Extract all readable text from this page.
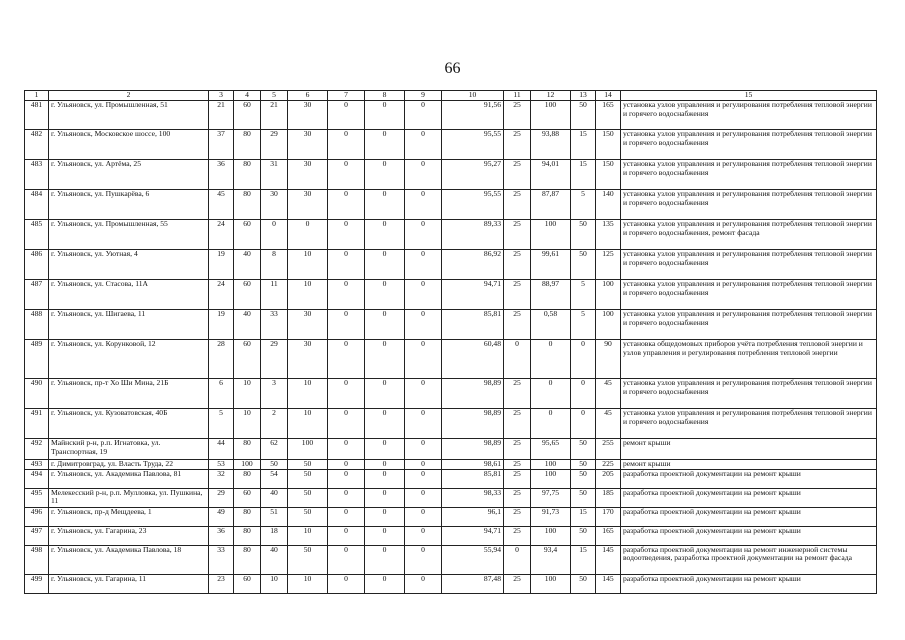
66
1	2	3	4	5	6	7	8	9	10	11	12	13	14	15
481	г. Ульяновск, ул. Промышленная, 51	21	60	21	30	0	0	0	91,56	25	100	50	165	установка узлов управления и регулирования потребления тепловой энергии и горячего водоснабжения
482	г. Ульяновск, Московское шоссе, 100	37	80	29	30	0	0	0	95,55	25	93,88	15	150	установка узлов управления и регулирования потребления тепловой энергии и горячего водоснабжения
483	г. Ульяновск, ул. Артёма, 25	36	80	31	30	0	0	0	95,27	25	94,01	15	150	установка узлов управления и регулирования потребления тепловой энергии и горячего водоснабжения
484	г. Ульяновск, ул. Пушкарёва, 6	45	80	30	30	0	0	0	95,55	25	87,87	5	140	установка узлов управления и регулирования потребления тепловой энергии и горячего водоснабжения
485	г. Ульяновск, ул. Промышленная, 55	24	60	0	0	0	0	0	89,33	25	100	50	135	установка узлов управления и регулирования потребления тепловой энергии и горячего водоснабжения, ремонт фасада
486	г. Ульяновск, ул. Уютная, 4	19	40	8	10	0	0	0	86,92	25	99,61	50	125	установка узлов управления и регулирования потребления тепловой энергии и горячего водоснабжения
487	г. Ульяновск, ул. Стасова, 11А	24	60	11	10	0	0	0	94,71	25	88,97	5	100	установка узлов управления и регулирования потребления тепловой энергии и горячего водоснабжения
488	г. Ульяновск, ул. Шигаева, 11	19	40	33	30	0	0	0	85,81	25	0,58	5	100	установка узлов управления и регулирования потребления тепловой энергии и горячего водоснабжения
489	г. Ульяновск, ул. Корунковой, 12	28	60	29	30	0	0	0	60,48	0	0	0	90	установка общедомовых приборов учёта потребления тепловой энергии и узлов управления и регулирования потребления тепловой энергии
490	г. Ульяновск, пр-т Хо Ши Мина, 21Б	6	10	3	10	0	0	0	98,89	25	0	0	45	установка узлов управления и регулирования потребления тепловой энергии и горячего водоснабжения
491	г. Ульяновск, ул. Кузоватовская, 40Б	5	10	2	10	0	0	0	98,89	25	0	0	45	установка узлов управления и регулирования потребления тепловой энергии и горячего водоснабжения
492	Майнский р-н, р.п. Игнатовка, ул. Транспортная, 19	44	80	62	100	0	0	0	98,89	25	95,65	50	255	ремонт крыши
493	г. Димитровград, ул. Власть Труда, 22	53	100	50	50	0	0	0	98,61	25	100	50	225	ремонт крыши
494	г. Ульяновск, ул. Академика Павлова, 81	32	80	54	50	0	0	0	85,81	25	100	50	205	разработка проектной документации на ремонт крыши
495	Мелекесский р-н, р.п. Мулловка, ул. Пушкина, 11	29	60	40	50	0	0	0	98,33	25	97,75	50	185	разработка проектной документации на ремонт крыши
496	г. Ульяновск, пр-д Мещдеева, 1	49	80	51	50	0	0	0	96,1	25	91,73	15	170	разработка проектной документации на ремонт крыши
497	г. Ульяновск, ул. Гагарина, 23	36	80	18	10	0	0	0	94,71	25	100	50	165	разработка проектной документации на ремонт крыши
498	г. Ульяновск, ул. Академика Павлова, 18	33	80	40	50	0	0	0	55,94	0	93,4	15	145	разработка проектной документации на ремонт инженерной системы водоотведения, разработка проектной документации на ремонт фасада
499	г. Ульяновск, ул. Гагарина, 11	23	60	10	10	0	0	0	87,48	25	100	50	145	разработка проектной документации на ремонт крыши
